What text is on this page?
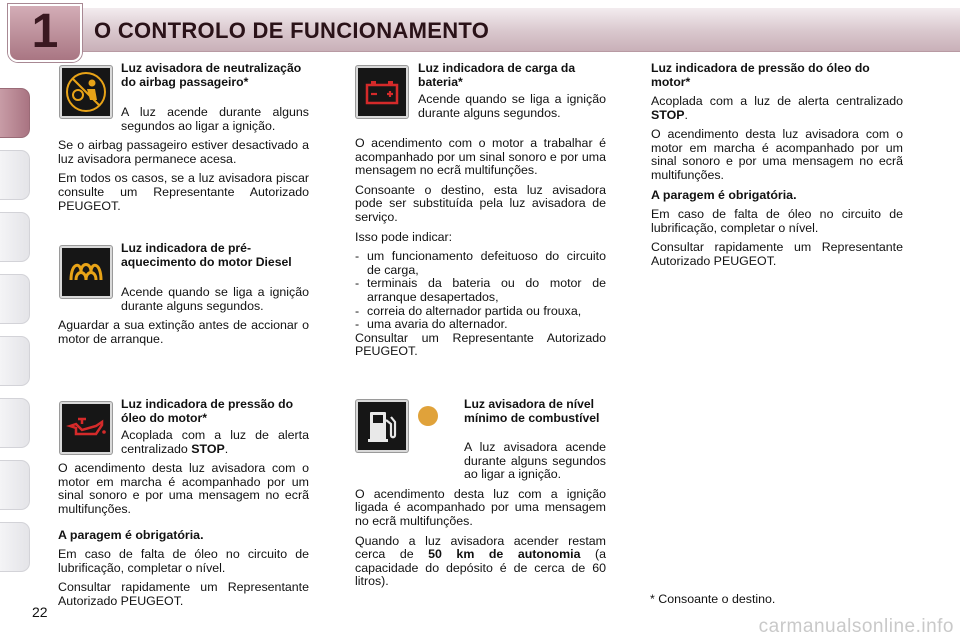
1	O CONTROLO DE FUNCIONAMENTO
Luz avisadora de neutralização do airbag passageiro*
A luz acende durante alguns segundos ao ligar a ignição.
Se o airbag passageiro estiver desactivado a luz avisadora permanece acesa.
Em todos os casos, se a luz avisadora piscar consulte um Representante Autorizado PEUGEOT.
Luz indicadora de pré-aquecimento do motor Diesel
Acende quando se liga a ignição durante alguns segundos.
Aguardar a sua extinção antes de accionar o motor de arranque.
Luz indicadora de pressão do óleo do motor*
Acoplada com a luz de alerta centralizado STOP.
O acendimento desta luz avisadora com o motor em marcha é acompanhado por um sinal sonoro e por uma mensagem no ecrã multifunções.
A paragem é obrigatória.
Em caso de falta de óleo no circuito de lubrificação, completar o nível.
Consultar rapidamente um Representante Autorizado PEUGEOT.
Luz indicadora de carga da bateria*
Acende quando se liga a ignição durante alguns segundos.
O acendimento com o motor a trabalhar é acompanhado por um sinal sonoro e por uma mensagem no ecrã multifunções.
Consoante o destino, esta luz avisadora pode ser substituída pela luz avisadora de serviço.
Isso pode indicar:
- um funcionamento defeituoso do circuito de carga,
- terminais da bateria ou do motor de arranque desapertados,
- correia do alternador partida ou frouxa,
- uma avaria do alternador.
Consultar um Representante Autorizado PEUGEOT.
Luz avisadora de nível mínimo de combustível
A luz avisadora acende durante alguns segundos ao ligar a ignição.
O acendimento desta luz com a ignição ligada é acompanhado por uma mensagem no ecrã multifunções.
Quando a luz avisadora acender restam cerca de 50 km de autonomia (a capacidade do depósito é de cerca de 60 litros).
Luz indicadora de pressão do óleo do motor*
Acoplada com a luz de alerta centralizado STOP.
O acendimento desta luz avisadora com o motor em marcha é acompanhado por um sinal sonoro e por uma mensagem no ecrã multifunções.
A paragem é obrigatória.
Em caso de falta de óleo no circuito de lubrificação, completar o nível.
Consultar rapidamente um Representante Autorizado PEUGEOT.
* Consoante o destino.
22
carmanualsonline.info
